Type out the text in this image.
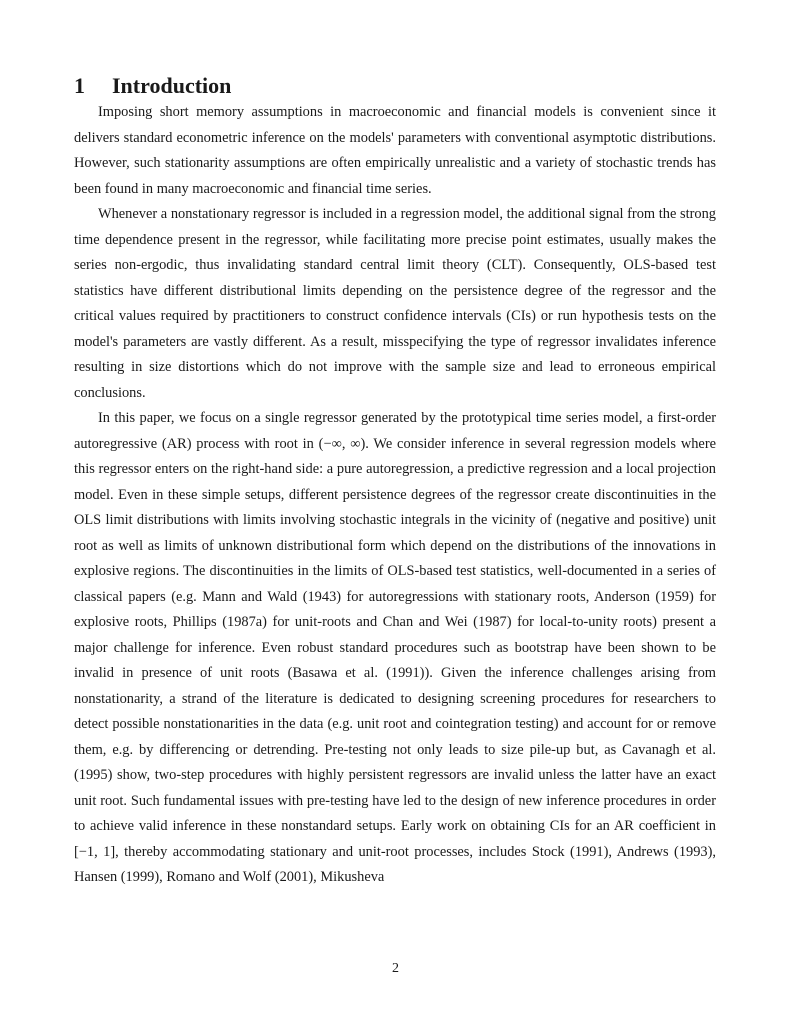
1 Introduction

Imposing short memory assumptions in macroeconomic and financial models is convenient since it delivers standard econometric inference on the models' parameters with conventional asymptotic distributions. However, such stationarity assumptions are often empirically unrealistic and a variety of stochastic trends has been found in many macroeconomic and financial time series.

Whenever a nonstationary regressor is included in a regression model, the additional signal from the strong time dependence present in the regressor, while facilitating more precise point estimates, usually makes the series non-ergodic, thus invalidating standard central limit theory (CLT). Consequently, OLS-based test statistics have different distributional limits depending on the persistence degree of the regressor and the critical values required by practitioners to construct confidence intervals (CIs) or run hypothesis tests on the model's parameters are vastly different. As a result, misspecifying the type of regressor invalidates inference resulting in size distortions which do not improve with the sample size and lead to erroneous empirical conclusions.

In this paper, we focus on a single regressor generated by the prototypical time series model, a first-order autoregressive (AR) process with root in (−∞, ∞). We consider inference in several regression models where this regressor enters on the right-hand side: a pure autoregression, a predictive regression and a local projection model. Even in these simple setups, different persistence degrees of the regressor create discontinuities in the OLS limit distributions with limits involving stochastic integrals in the vicinity of (negative and positive) unit root as well as limits of unknown distributional form which depend on the distributions of the innovations in explosive regions. The discontinuities in the limits of OLS-based test statistics, well-documented in a series of classical papers (e.g. Mann and Wald (1943) for autoregressions with stationary roots, Anderson (1959) for explosive roots, Phillips (1987a) for unit-roots and Chan and Wei (1987) for local-to-unity roots) present a major challenge for inference. Even robust standard procedures such as bootstrap have been shown to be invalid in presence of unit roots (Basawa et al. (1991)). Given the inference challenges arising from nonstationarity, a strand of the literature is dedicated to designing screening procedures for researchers to detect possible nonstationarities in the data (e.g. unit root and cointegration testing) and account for or remove them, e.g. by differencing or detrending. Pre-testing not only leads to size pile-up but, as Cavanagh et al. (1995) show, two-step procedures with highly persistent regressors are invalid unless the latter have an exact unit root. Such fundamental issues with pre-testing have led to the design of new inference procedures in order to achieve valid inference in these nonstandard setups. Early work on obtaining CIs for an AR coefficient in [−1, 1], thereby accommodating stationary and unit-root processes, includes Stock (1991), Andrews (1993), Hansen (1999), Romano and Wolf (2001), Mikusheva

2
